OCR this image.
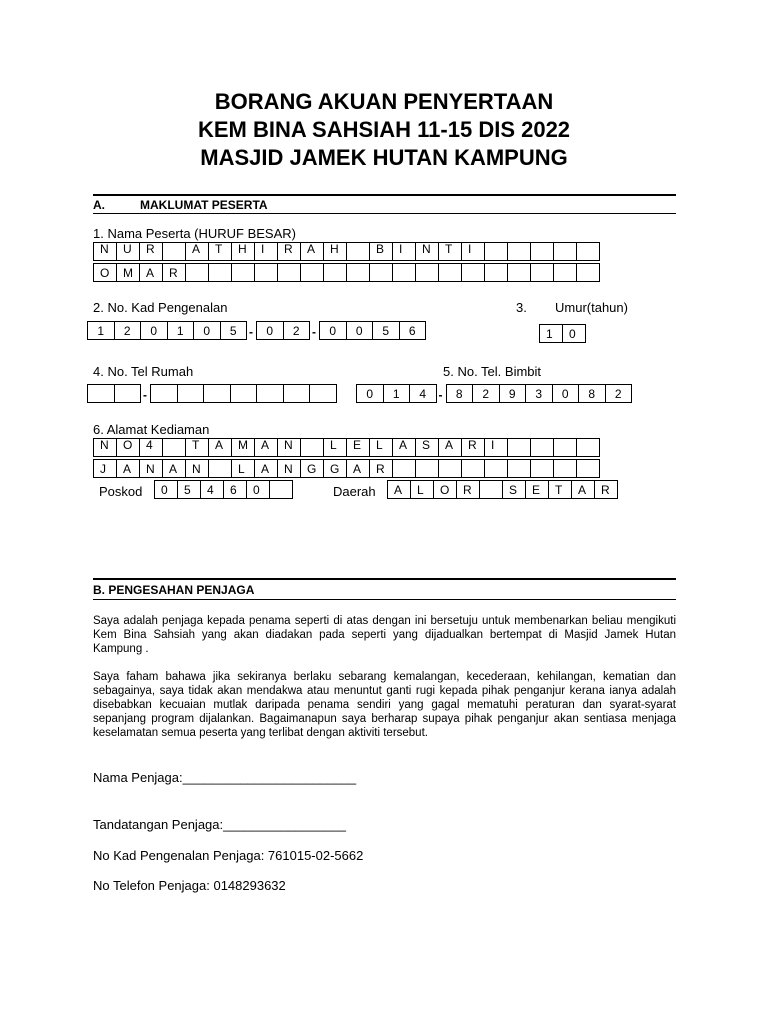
BORANG AKUAN PENYERTAAN
KEM BINA SAHSIAH 11-15 DIS 2022
MASJID JAMEK HUTAN KAMPUNG
A.	MAKLUMAT PESERTA
1. Nama Peserta (HURUF BESAR)
N	U	R	A	T	H	I	R	A	H	B	I	N	T	I
O	M	A	R
2. No. Kad Pengenalan
1	2	0	1	0	5	-	0	2	-	0	0	5	6
3. Umur(tahun)
1	0
4. No. Tel Rumah	5. No. Tel. Bimbit
-	0	1	4	-	8	2	9	3	0	8	2
6. Alamat Kediaman
N	O	4	T	A	M	A	N	L	E	L	A	S	A	R	I
J	A	N	A	N	L	A	N	G	G	A	R
Poskod	0	5	4	6	0	Daerah	A	L	O	R	S	E	T	A	R
B. PENGESAHAN PENJAGA
Saya adalah penjaga kepada penama seperti di atas dengan ini bersetuju untuk membenarkan beliau mengikuti Kem Bina Sahsiah yang akan diadakan pada seperti yang dijadualkan bertempat di Masjid Jamek Hutan Kampung .
Saya faham bahawa jika sekiranya berlaku sebarang kemalangan, kecederaan, kehilangan, kematian dan sebagainya, saya tidak akan mendakwa atau menuntut ganti rugi kepada pihak penganjur kerana ianya adalah disebabkan kecuaian mutlak daripada penama sendiri yang gagal mematuhi peraturan dan syarat-syarat sepanjang program dijalankan. Bagaimanapun saya berharap supaya pihak penganjur akan sentiasa menjaga keselamatan semua peserta yang terlibat dengan aktiviti tersebut.
Nama Penjaga:________________________
Tandatangan Penjaga:_________________
No Kad Pengenalan Penjaga: 761015-02-5662
No Telefon Penjaga: 0148293632
